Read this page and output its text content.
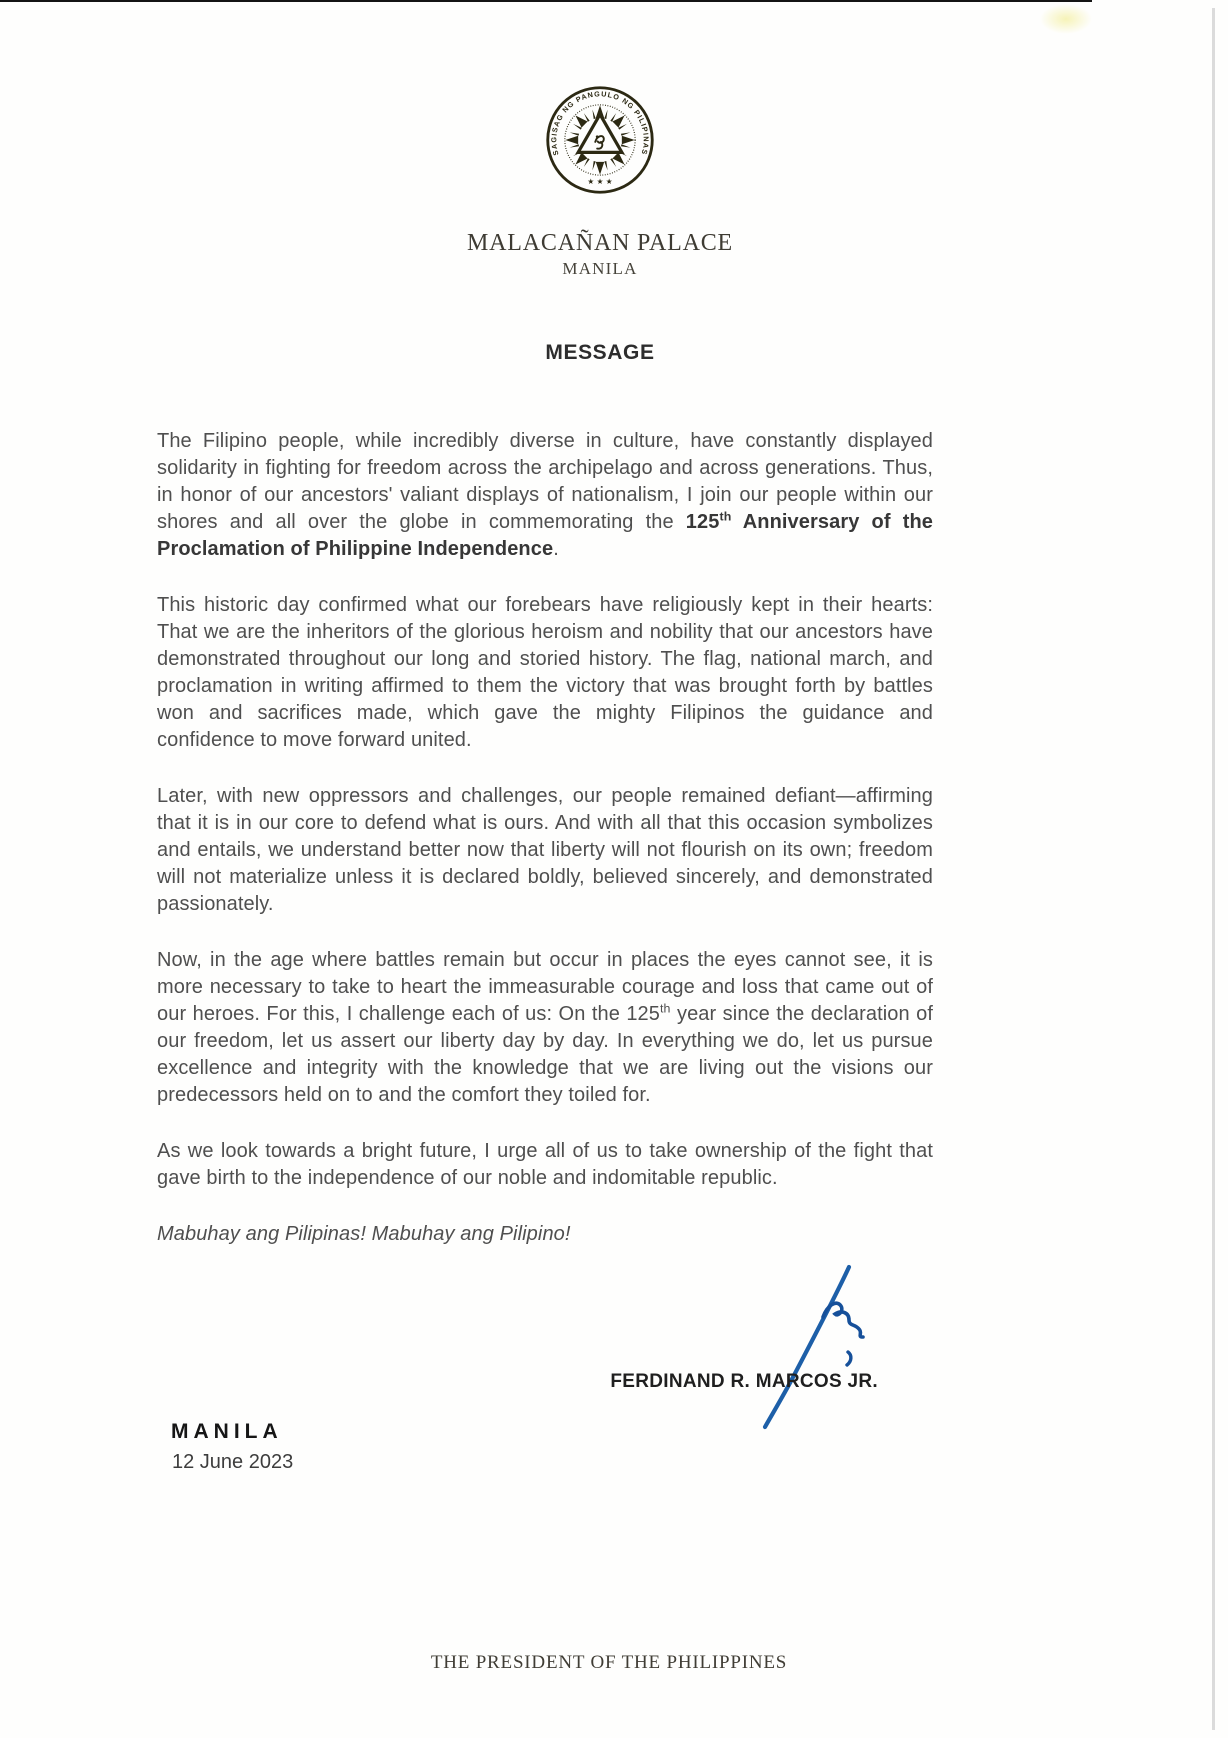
SAGISAG NG PANGULO NG PILIPINAS
★ ★ ★
MALACAÑAN PALACE
MANILA
MESSAGE

The Filipino people, while incredibly diverse in culture, have constantly displayed solidarity in fighting for freedom across the archipelago and across generations. Thus, in honor of our ancestors' valiant displays of nationalism, I join our people within our shores and all over the globe in commemorating the 125th Anniversary of the Proclamation of Philippine Independence.

This historic day confirmed what our forebears have religiously kept in their hearts: That we are the inheritors of the glorious heroism and nobility that our ancestors have demonstrated throughout our long and storied history. The flag, national march, and proclamation in writing affirmed to them the victory that was brought forth by battles won and sacrifices made, which gave the mighty Filipinos the guidance and confidence to move forward united.

Later, with new oppressors and challenges, our people remained defiant—affirming that it is in our core to defend what is ours. And with all that this occasion symbolizes and entails, we understand better now that liberty will not flourish on its own; freedom will not materialize unless it is declared boldly, believed sincerely, and demonstrated passionately.

Now, in the age where battles remain but occur in places the eyes cannot see, it is more necessary to take to heart the immeasurable courage and loss that came out of our heroes. For this, I challenge each of us: On the 125th year since the declaration of our freedom, let us assert our liberty day by day. In everything we do, let us pursue excellence and integrity with the knowledge that we are living out the visions our predecessors held on to and the comfort they toiled for.

As we look towards a bright future, I urge all of us to take ownership of the fight that gave birth to the independence of our noble and indomitable republic.

Mabuhay ang Pilipinas! Mabuhay ang Pilipino!

FERDINAND R. MARCOS JR.
MANILA
12 June 2023
THE PRESIDENT OF THE PHILIPPINES
